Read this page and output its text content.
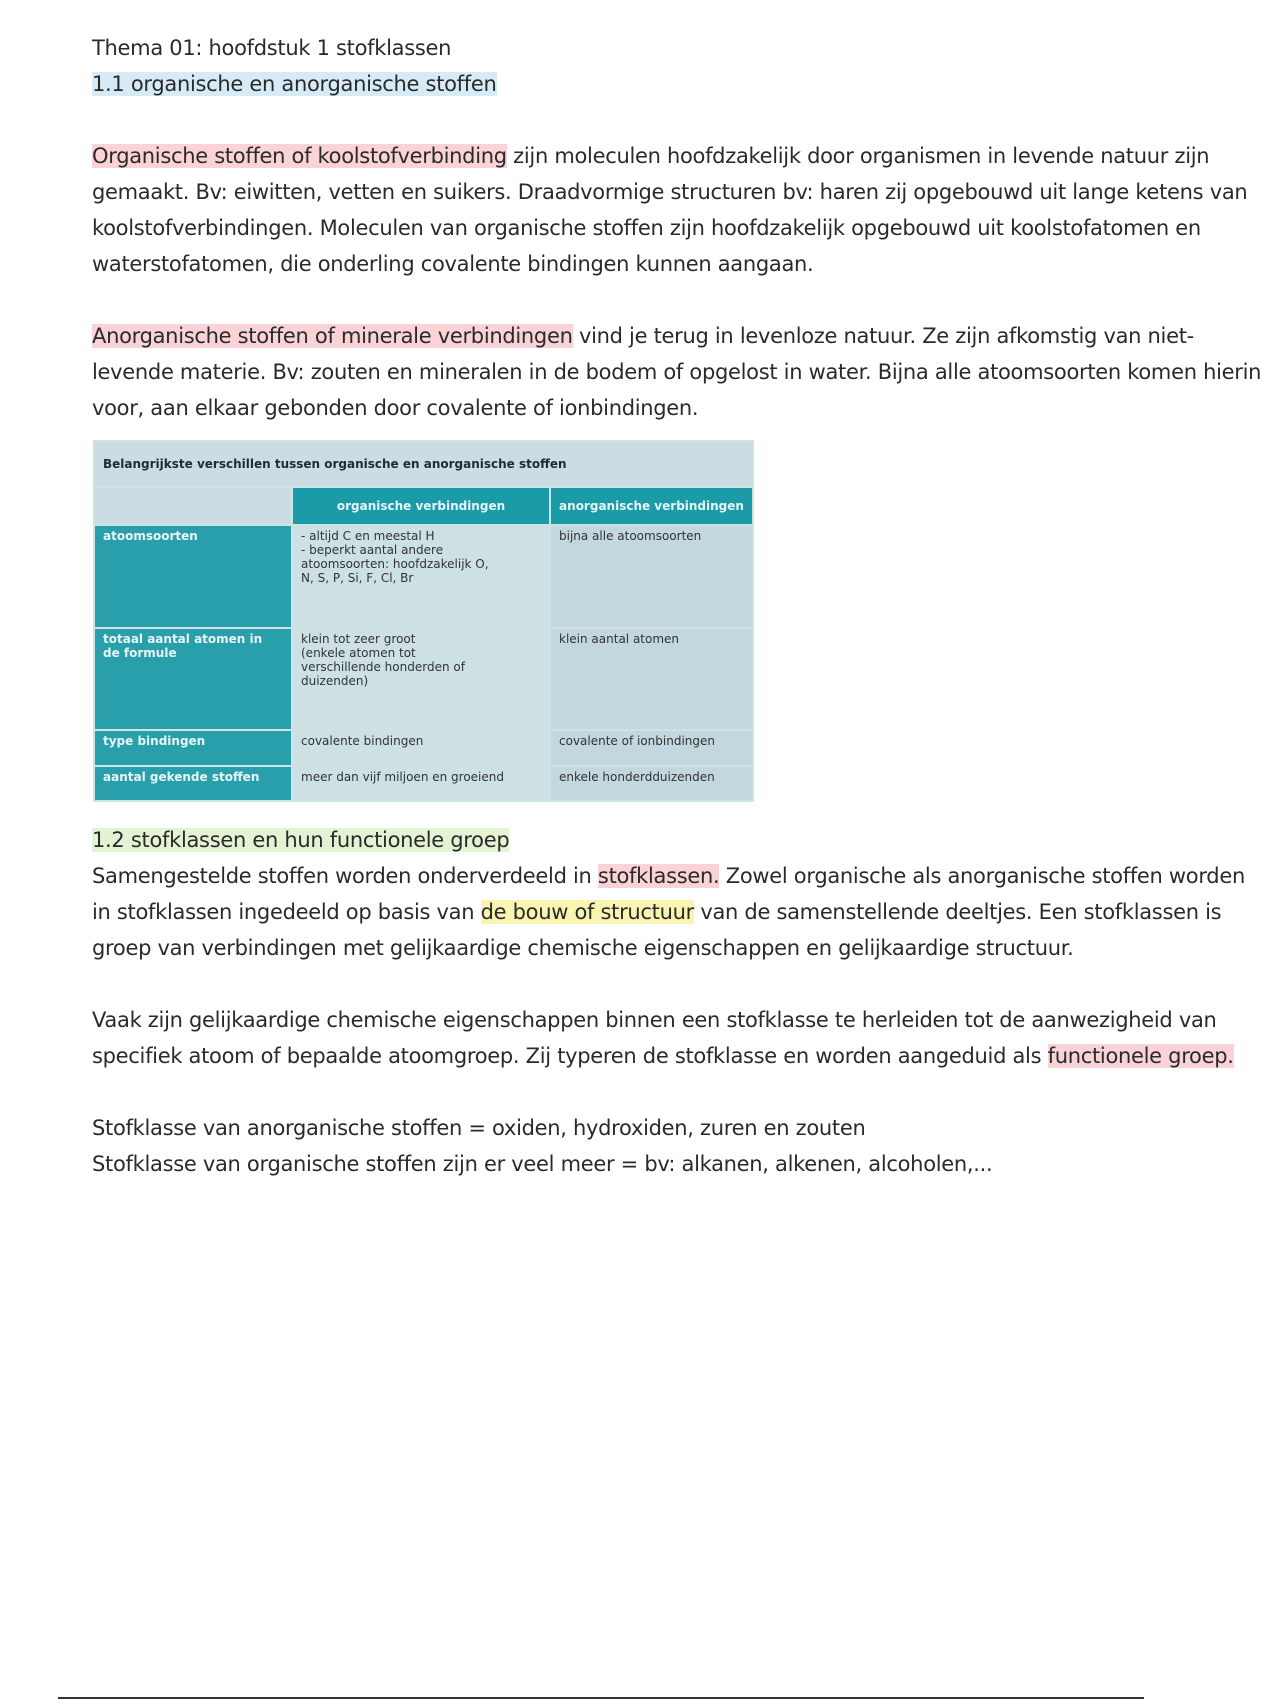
Thema 01: hoofdstuk 1 stofklassen
1.1 organische en anorganische stoffen
Organische stoffen of koolstofverbinding zijn moleculen hoofdzakelijk door organismen in levende natuur zijn
gemaakt. Bv: eiwitten, vetten en suikers. Draadvormige structuren bv: haren zij opgebouwd uit lange ketens van
koolstofverbindingen. Moleculen van organische stoffen zijn hoofdzakelijk opgebouwd uit koolstofatomen en
waterstofatomen, die onderling covalente bindingen kunnen aangaan.
Anorganische stoffen of minerale verbindingen vind je terug in levenloze natuur. Ze zijn afkomstig van niet-
levende materie. Bv: zouten en mineralen in de bodem of opgelost in water. Bijna alle atoomsoorten komen hierin
voor, aan elkaar gebonden door covalente of ionbindingen.
Belangrijkste verschillen tussen organische en anorganische stoffen		
	organische verbindingen	anorganische verbindingen
atoomsoorten	- altijd C en meestal H
- beperkt aantal andere
atoomsoorten: hoofdzakelijk O,
N, S, P, Si, F, Cl, Br	bijna alle atoomsoorten
totaal aantal atomen in de formule	klein tot zeer groot
(enkele atomen tot
verschillende honderden of
duizenden)	klein aantal atomen
type bindingen	covalente bindingen	covalente of ionbindingen
aantal gekende stoffen	meer dan vijf miljoen en groeiend	enkele honderdduizenden
1.2 stofklassen en hun functionele groep
Samengestelde stoffen worden onderverdeeld in stofklassen. Zowel organische als anorganische stoffen worden
in stofklassen ingedeeld op basis van de bouw of structuur van de samenstellende deeltjes. Een stofklassen is
groep van verbindingen met gelijkaardige chemische eigenschappen en gelijkaardige structuur.
Vaak zijn gelijkaardige chemische eigenschappen binnen een stofklasse te herleiden tot de aanwezigheid van
specifiek atoom of bepaalde atoomgroep. Zij typeren de stofklasse en worden aangeduid als functionele groep.
Stofklasse van anorganische stoffen = oxiden, hydroxiden, zuren en zouten
Stofklasse van organische stoffen zijn er veel meer = bv: alkanen, alkenen, alcoholen,...
